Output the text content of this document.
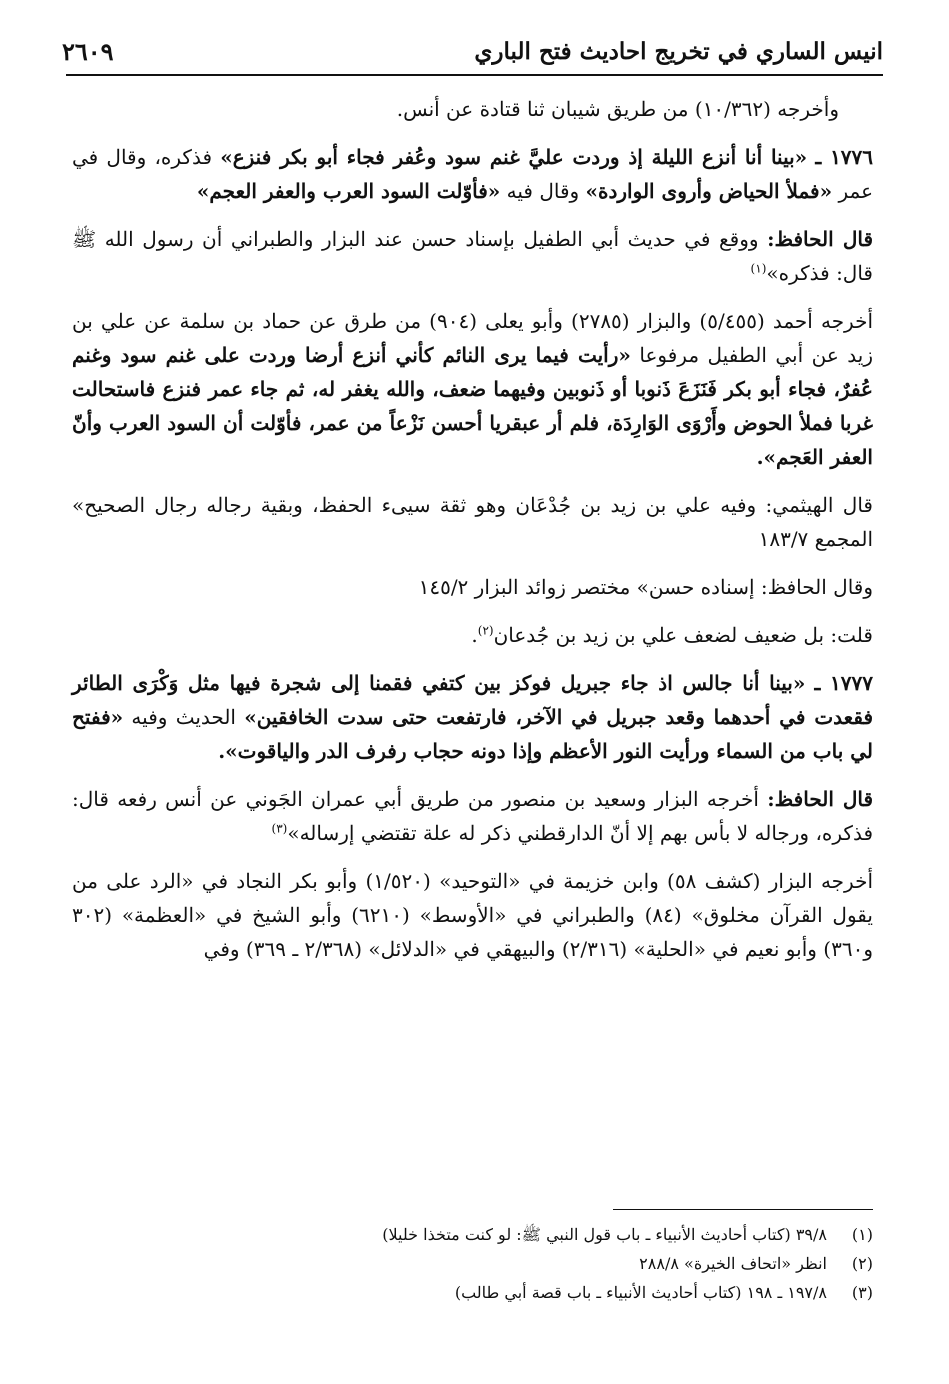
٢٦٠٩	انيس الساري في تخريج احاديث فتح الباري

وأخرجه (١٠/٣٦٢) من طريق شيبان ثنا قتادة عن أنس.

١٧٧٦ ـ «بينا أنا أنزع الليلة إذ وردت عليَّ غنم سود وعُفر فجاء أبو بكر فنزع» فذكره، وقال في عمر «فملأ الحياض وأروى الواردة» وقال فيه «فأوّلت السود العرب والعفر العجم»

قال الحافظ: ووقع في حديث أبي الطفيل بإسناد حسن عند البزار والطبراني أن رسول الله ﷺ قال: فذكره»$^{(١)}$

أخرجه أحمد (٥/٤٥٥) والبزار (٢٧٨٥) وأبو يعلى (٩٠٤) من طرق عن حماد بن سلمة عن علي بن زيد عن أبي الطفيل مرفوعا «رأيت فيما يرى النائم كأني أنزع أرضا وردت على غنم سود وغنم عُفرٌ، فجاء أبو بكر فَنَزَعَ ذَنوبا أو ذَنوبين وفيهما ضعف، والله يغفر له، ثم جاء عمر فنزع فاستحالت غربا فملأ الحوض وأَرْوَى الوَارِدَة، فلم أر عبقريا أحسن نَزْعاً من عمر، فأوّلت أن السود العرب وأنّ العفر العَجم».

قال الهيثمي: وفيه علي بن زيد بن جُدْعَان وهو ثقة سيىء الحفظ، وبقية رجاله رجال الصحيح» المجمع ١٨٣/٧

وقال الحافظ: إسناده حسن» مختصر زوائد البزار ١٤٥/٢

قلت: بل ضعيف لضعف علي بن زيد بن جُدعان$^{(٢)}$.

١٧٧٧ ـ «بينا أنا جالس اذ جاء جبريل فوكز بين كتفي فقمنا إلى شجرة فيها مثل وَكْرَى الطائر فقعدت في أحدهما وقعد جبريل في الآخر، فارتفعت حتى سدت الخافقين» الحديث وفيه «ففتح لي باب من السماء ورأيت النور الأعظم وإذا دونه حجاب رفرف الدر والياقوت».

قال الحافظ: أخرجه البزار وسعيد بن منصور من طريق أبي عمران الجَوني عن أنس رفعه قال: فذكره، ورجاله لا بأس بهم إلا أنّ الدارقطني ذكر له علة تقتضي إرساله»$^{(٣)}$

أخرجه البزار (كشف ٥٨) وابن خزيمة في «التوحيد» (١/٥٢٠) وأبو بكر النجاد في «الرد على من يقول القرآن مخلوق» (٨٤) والطبراني في «الأوسط» (٦٢١٠) وأبو الشيخ في «العظمة» (٣٠٢ و٣٦٠) وأبو نعيم في «الحلية» (٢/٣١٦) والبيهقي في «الدلائل» (٢/٣٦٨ ـ ٣٦٩) وفي

(١)
٣٩/٨ (كتاب أحاديث الأنبياء ـ باب قول النبي ﷺ: لو كنت متخذا خليلا)
(٢)
انظر «اتحاف الخيرة» ٢٨٨/٨
(٣)
١٩٧/٨ ـ ١٩٨ (كتاب أحاديث الأنبياء ـ باب قصة أبي طالب)
